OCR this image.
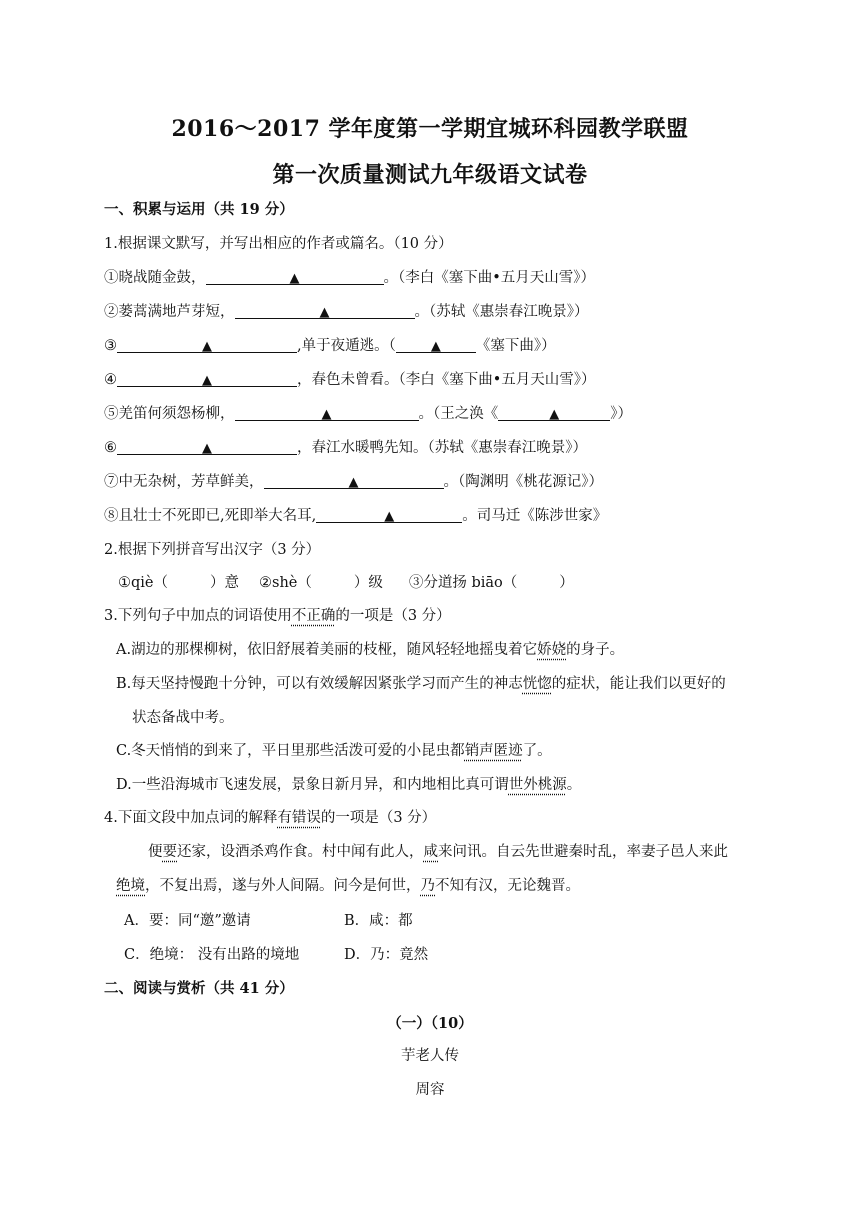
2016～2017 学年度第一学期宜城环科园教学联盟
第一次质量测试九年级语文试卷
一、积累与运用（共 19 分）
1.根据课文默写，并写出相应的作者或篇名。（10 分）
①晓战随金鼓，	▲	。（李白《塞下曲•五月天山雪》）
②蒌蒿满地芦芽短，	▲	。（苏轼《惠崇春江晚景》）
③	▲	,单于夜遁逃。（	▲ 《塞下曲》）
④	▲	，春色未曾看。（李白《塞下曲•五月天山雪》）
⑤羌笛何须怨杨柳，	▲	。（王之涣《	▲	》）
⑥	▲	，春江水暖鸭先知。（苏轼《惠崇春江晚景》）
⑦中无杂树，芳草鲜美，	▲	。（陶渊明《桃花源记》）
⑧且壮士不死即已,死即举大名耳,	▲	。司马迁《陈涉世家》
2.根据下列拼音写出汉字（3 分）
①qiè（	）意 ②shè（	）级 ③分道扬 biāo（	）
3.下列句子中加点的词语使用不正确的一项是（3 分）
A.湖边的那棵柳树，依旧舒展着美丽的枝桠，随风轻轻地摇曳着它娇娆的身子。
B.每天坚持慢跑十分钟，可以有效缓解因紧张学习而产生的神志恍惚的症状，能让我们以更好的
状态备战中考。
C.冬天悄悄的到来了，平日里那些活泼可爱的小昆虫都销声匿迹了。
D.一些沿海城市飞速发展，景象日新月异，和内地相比真可谓世外桃源。
4.下面文段中加点词的解释有错误的一项是（3 分）
便要还家，设酒杀鸡作食。村中闻有此人，咸来问讯。自云先世避秦时乱，率妻子邑人来此
绝境，不复出焉，遂与外人间隔。问今是何世，乃不知有汉，无论魏晋。
A．要：同“邀”邀请	B．咸：都
C．绝境： 没有出路的境地	D．乃：竟然
二、阅读与赏析（共 41 分）
（一）（10）
芋老人传
周容
